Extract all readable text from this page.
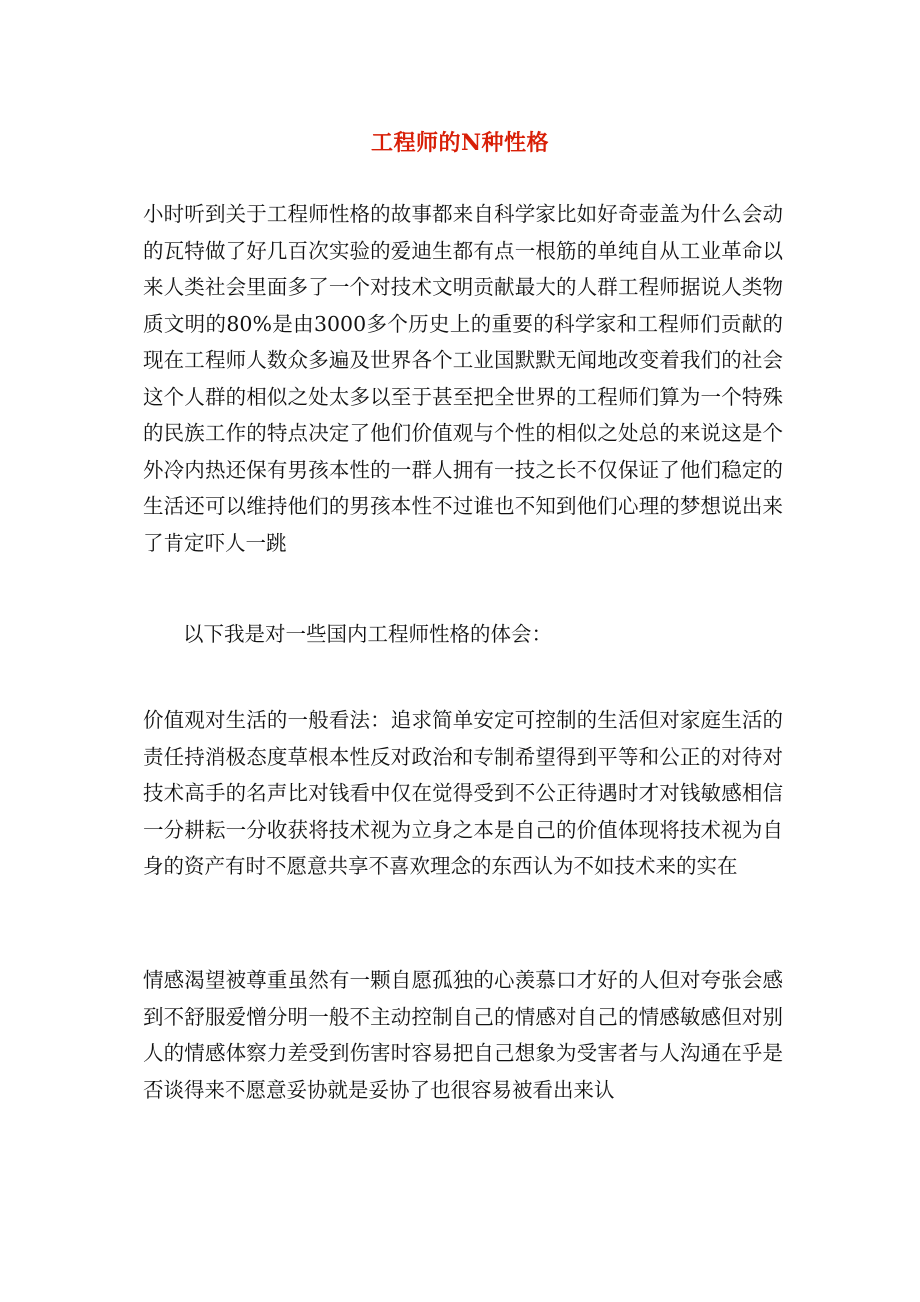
工程师的N种性格

小时听到关于工程师性格的故事都来自科学家比如好奇壶盖为什么会动的瓦特做了好几百次实验的爱迪生都有点一根筋的单纯自从工业革命以来人类社会里面多了一个对技术文明贡献最大的人群工程师据说人类物质文明的80%是由3000多个历史上的重要的科学家和工程师们贡献的现在工程师人数众多遍及世界各个工业国默默无闻地改变着我们的社会这个人群的相似之处太多以至于甚至把全世界的工程师们算为一个特殊的民族工作的特点决定了他们价值观与个性的相似之处总的来说这是个外冷内热还保有男孩本性的一群人拥有一技之长不仅保证了他们稳定的生活还可以维持他们的男孩本性不过谁也不知到他们心理的梦想说出来了肯定吓人一跳

以下我是对一些国内工程师性格的体会：

价值观对生活的一般看法：追求简单安定可控制的生活但对家庭生活的责任持消极态度草根本性反对政治和专制希望得到平等和公正的对待对技术高手的名声比对钱看中仅在觉得受到不公正待遇时才对钱敏感相信一分耕耘一分收获将技术视为立身之本是自己的价值体现将技术视为自身的资产有时不愿意共享不喜欢理念的东西认为不如技术来的实在

情感渴望被尊重虽然有一颗自愿孤独的心羡慕口才好的人但对夸张会感到不舒服爱憎分明一般不主动控制自己的情感对自己的情感敏感但对别人的情感体察力差受到伤害时容易把自己想象为受害者与人沟通在乎是否谈得来不愿意妥协就是妥协了也很容易被看出来认
